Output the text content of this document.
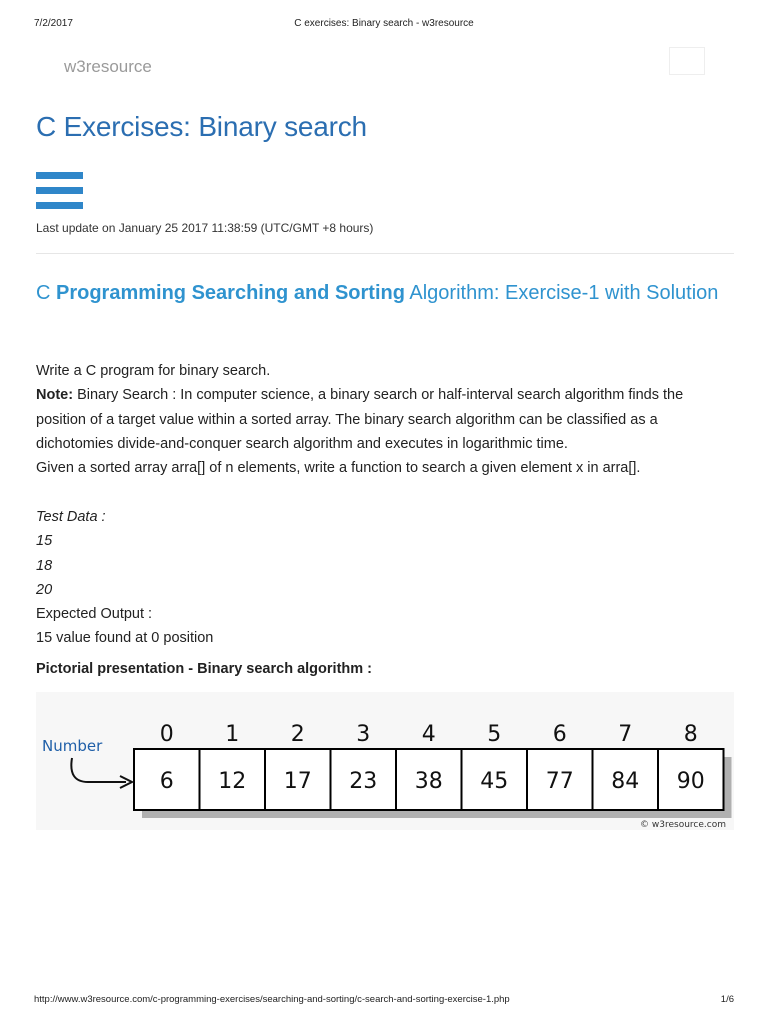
7/2/2017	C exercises: Binary search - w3resource
w3resource
C Exercises: Binary search
Last update on January 25 2017 11:38:59 (UTC/GMT +8 hours)
C Programming Searching and Sorting Algorithm: Exercise-1 with Solution

Write a C program for binary search.

Note: Binary Search : In computer science, a binary search or half-interval search algorithm finds the position of a target value within a sorted array. The binary search algorithm can be classified as a dichotomies divide-and-conquer search algorithm and executes in logarithmic time.

Given a sorted array arra[] of n elements, write a function to search a given element x in arra[].

Test Data :

15

18

20

Expected Output :

15 value found at 0 position

Pictorial presentation - Binary search algorithm :
0 1 2 3 4 5 6 7 8
6 12 17 23 38 45 77 84 90
Number
© w3resource.com
http://www.w3resource.com/c-programming-exercises/searching-and-sorting/c-search-and-sorting-exercise-1.php	1/6
